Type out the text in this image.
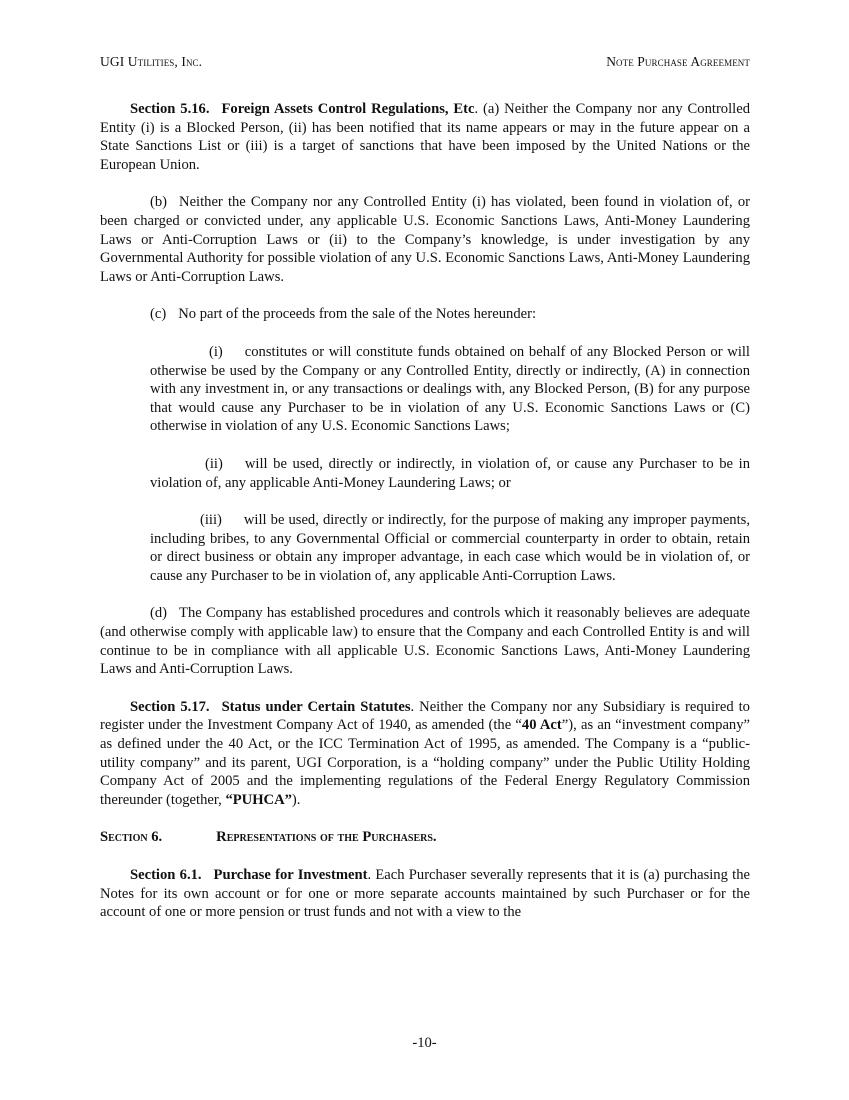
UGI Utilities, Inc.	Note Purchase Agreement

Section 5.16. Foreign Assets Control Regulations, Etc. (a) Neither the Company nor any Controlled Entity (i) is a Blocked Person, (ii) has been notified that its name appears or may in the future appear on a State Sanctions List or (iii) is a target of sanctions that have been imposed by the United Nations or the European Union.

(b) Neither the Company nor any Controlled Entity (i) has violated, been found in violation of, or been charged or convicted under, any applicable U.S. Economic Sanctions Laws, Anti-Money Laundering Laws or Anti-Corruption Laws or (ii) to the Company’s knowledge, is under investigation by any Governmental Authority for possible violation of any U.S. Economic Sanctions Laws, Anti-Money Laundering Laws or Anti-Corruption Laws.

(c) No part of the proceeds from the sale of the Notes hereunder:

(i) constitutes or will constitute funds obtained on behalf of any Blocked Person or will otherwise be used by the Company or any Controlled Entity, directly or indirectly, (A) in connection with any investment in, or any transactions or dealings with, any Blocked Person, (B) for any purpose that would cause any Purchaser to be in violation of any U.S. Economic Sanctions Laws or (C) otherwise in violation of any U.S. Economic Sanctions Laws;

(ii) will be used, directly or indirectly, in violation of, or cause any Purchaser to be in violation of, any applicable Anti-Money Laundering Laws; or

(iii) will be used, directly or indirectly, for the purpose of making any improper payments, including bribes, to any Governmental Official or commercial counterparty in order to obtain, retain or direct business or obtain any improper advantage, in each case which would be in violation of, or cause any Purchaser to be in violation of, any applicable Anti-Corruption Laws.

(d) The Company has established procedures and controls which it reasonably believes are adequate (and otherwise comply with applicable law) to ensure that the Company and each Controlled Entity is and will continue to be in compliance with all applicable U.S. Economic Sanctions Laws, Anti-Money Laundering Laws and Anti-Corruption Laws.

Section 5.17. Status under Certain Statutes. Neither the Company nor any Subsidiary is required to register under the Investment Company Act of 1940, as amended (the “40 Act”), as an “investment company” as defined under the 40 Act, or the ICC Termination Act of 1995, as amended. The Company is a “public-utility company” and its parent, UGI Corporation, is a “holding company” under the Public Utility Holding Company Act of 2005 and the implementing regulations of the Federal Energy Regulatory Commission thereunder (together, “PUHCA”).

Section 6.	Representations of the Purchasers.

Section 6.1. Purchase for Investment. Each Purchaser severally represents that it is (a) purchasing the Notes for its own account or for one or more separate accounts maintained by such Purchaser or for the account of one or more pension or trust funds and not with a view to the

-10-
